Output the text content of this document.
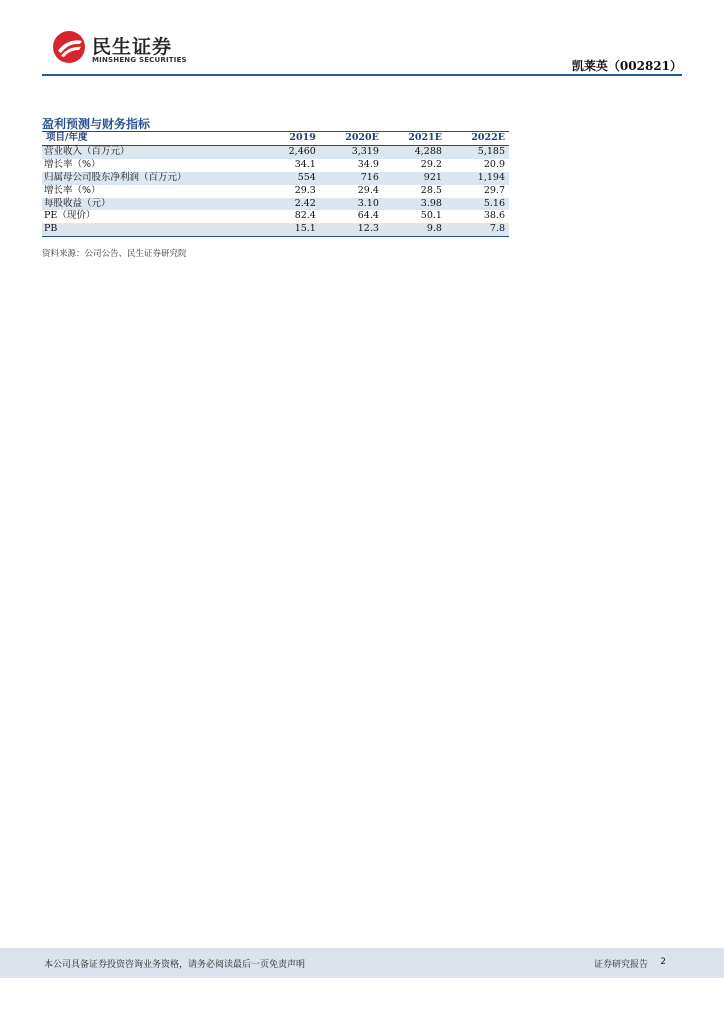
民生证券
MINSHENG SECURITIES	凯莱英（002821）
盈利预测与财务指标
项目/年度	2019	2020E	2021E	2022E
营业收入（百万元）	2,460	3,319	4,288	5,185
增长率（%）	34.1	34.9	29.2	20.9
归属母公司股东净利润（百万元）	554	716	921	1,194
增长率（%）	29.3	29.4	28.5	29.7
每股收益（元）	2.42	3.10	3.98	5.16
PE（现价）	82.4	64.4	50.1	38.6
PB	15.1	12.3	9.8	7.8
资料来源：公司公告、民生证券研究院
本公司具备证券投资咨询业务资格，请务必阅读最后一页免责声明	证券研究报告 2
